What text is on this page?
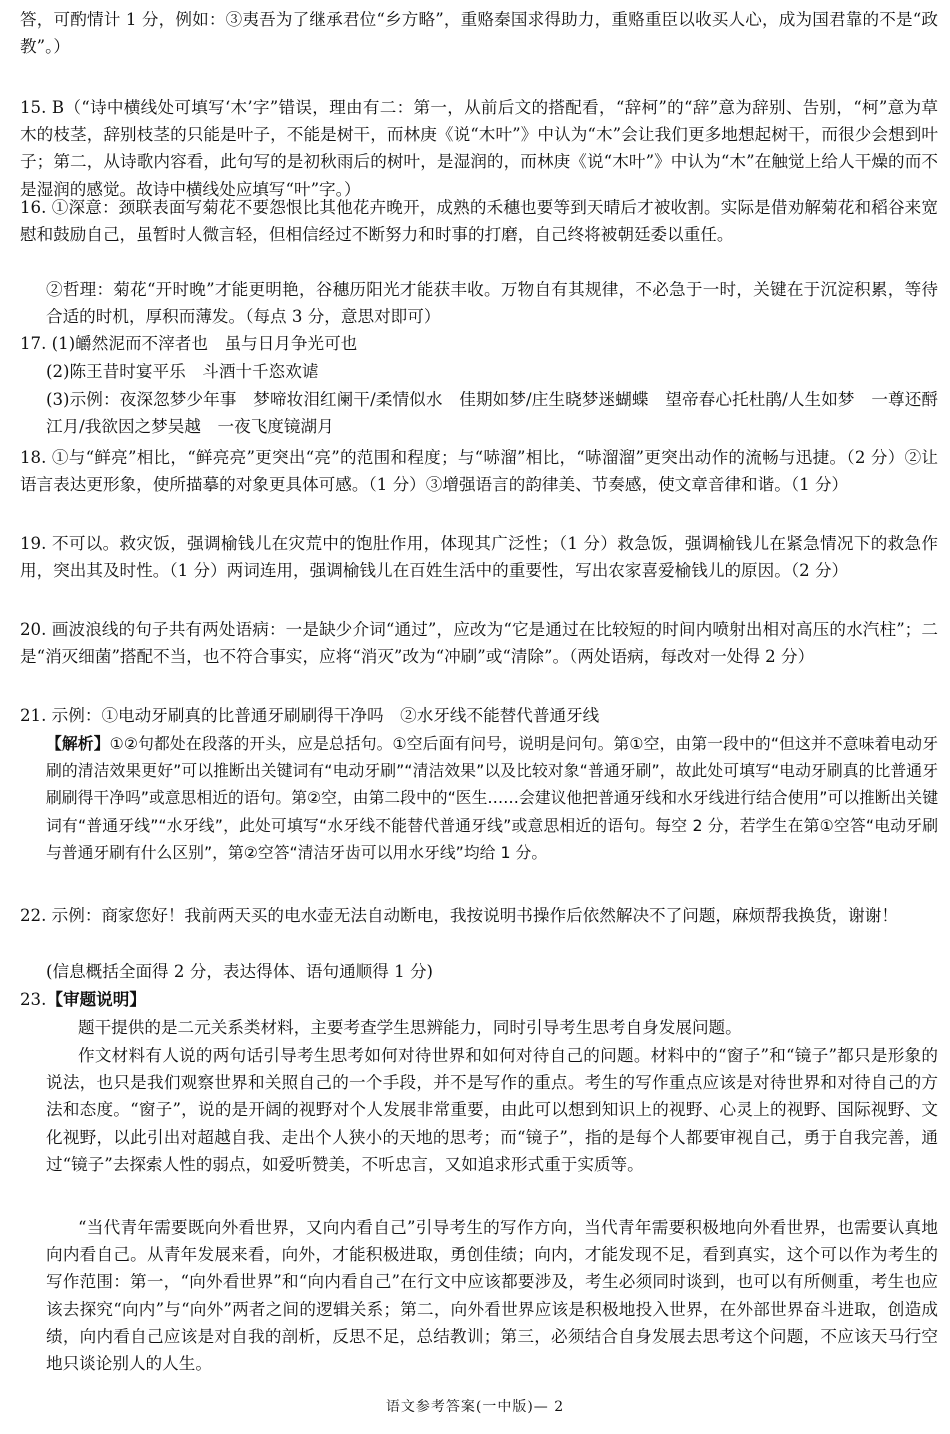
答，可酌情计 1 分，例如：③夷吾为了继承君位“乡方略”，重赂秦国求得助力，重赂重臣以收买人心，成为国君靠的不是“政教”。）

15. B（“诗中横线处可填写‘木’字”错误，理由有二：第一，从前后文的搭配看，“辞柯”的“辞”意为辞别、告别，“柯”意为草木的枝茎，辞别枝茎的只能是叶子，不能是树干，而林庚《说“木叶”》中认为“木”会让我们更多地想起树干，而很少会想到叶子；第二，从诗歌内容看，此句写的是初秋雨后的树叶，是湿润的，而林庚《说“木叶”》中认为“木”在触觉上给人干燥的而不是湿润的感觉。故诗中横线处应填写“叶”字。）

16. ①深意：颈联表面写菊花不要怨恨比其他花卉晚开，成熟的禾穗也要等到天晴后才被收割。实际是借劝解菊花和稻谷来宽慰和鼓励自己，虽暂时人微言轻，但相信经过不断努力和时事的打磨，自己终将被朝廷委以重任。

②哲理：菊花“开时晚”才能更明艳，谷穗历阳光才能获丰收。万物自有其规律，不必急于一时，关键在于沉淀积累，等待合适的时机，厚积而薄发。（每点 3 分，意思对即可）

17. (1)皭然泥而不滓者也　虽与日月争光可也

(2)陈王昔时宴平乐　斗酒十千恣欢谑

(3)示例：夜深忽梦少年事　梦啼妆泪红阑干/柔情似水　佳期如梦/庄生晓梦迷蝴蝶　望帝春心托杜鹃/人生如梦　一尊还酹江月/我欲因之梦吴越　一夜飞度镜湖月

18. ①与“鲜亮”相比，“鲜亮亮”更突出“亮”的范围和程度；与“哧溜”相比，“哧溜溜”更突出动作的流畅与迅捷。（2 分）②让语言表达更形象，使所描摹的对象更具体可感。（1 分）③增强语言的韵律美、节奏感，使文章音律和谐。（1 分）

19. 不可以。救灾饭，强调榆钱儿在灾荒中的饱肚作用，体现其广泛性；（1 分）救急饭，强调榆钱儿在紧急情况下的救急作用，突出其及时性。（1 分）两词连用，强调榆钱儿在百姓生活中的重要性，写出农家喜爱榆钱儿的原因。（2 分）

20. 画波浪线的句子共有两处语病：一是缺少介词“通过”，应改为“它是通过在比较短的时间内喷射出相对高压的水汽柱”；二是“消灭细菌”搭配不当，也不符合事实，应将“消灭”改为“冲刷”或“清除”。（两处语病，每改对一处得 2 分）

21. 示例：①电动牙刷真的比普通牙刷刷得干净吗　②水牙线不能替代普通牙线

【解析】①②句都处在段落的开头，应是总括句。①空后面有问号，说明是问句。第①空，由第一段中的“但这并不意味着电动牙刷的清洁效果更好”可以推断出关键词有“电动牙刷”“清洁效果”以及比较对象“普通牙刷”，故此处可填写“电动牙刷真的比普通牙刷刷得干净吗”或意思相近的语句。第②空，由第二段中的“医生……会建议他把普通牙线和水牙线进行结合使用”可以推断出关键词有“普通牙线”“水牙线”，此处可填写“水牙线不能替代普通牙线”或意思相近的语句。每空 2 分，若学生在第①空答“电动牙刷与普通牙刷有什么区别”，第②空答“清洁牙齿可以用水牙线”均给 1 分。

22. 示例：商家您好！我前两天买的电水壶无法自动断电，我按说明书操作后依然解决不了问题，麻烦帮我换货，谢谢！

(信息概括全面得 2 分，表达得体、语句通顺得 1 分)

23.【审题说明】

题干提供的是二元关系类材料，主要考查学生思辨能力，同时引导考生思考自身发展问题。

作文材料有人说的两句话引导考生思考如何对待世界和如何对待自己的问题。材料中的“窗子”和“镜子”都只是形象的说法，也只是我们观察世界和关照自己的一个手段，并不是写作的重点。考生的写作重点应该是对待世界和对待自己的方法和态度。“窗子”，说的是开阔的视野对个人发展非常重要，由此可以想到知识上的视野、心灵上的视野、国际视野、文化视野，以此引出对超越自我、走出个人狭小的天地的思考；而“镜子”，指的是每个人都要审视自己，勇于自我完善，通过“镜子”去探索人性的弱点，如爱听赞美，不听忠言，又如追求形式重于实质等。

“当代青年需要既向外看世界，又向内看自己”引导考生的写作方向，当代青年需要积极地向外看世界，也需要认真地向内看自己。从青年发展来看，向外，才能积极进取，勇创佳绩；向内，才能发现不足，看到真实，这个可以作为考生的写作范围：第一，“向外看世界”和“向内看自己”在行文中应该都要涉及，考生必须同时谈到，也可以有所侧重，考生也应该去探究“向内”与“向外”两者之间的逻辑关系；第二，向外看世界应该是积极地投入世界，在外部世界奋斗进取，创造成绩，向内看自己应该是对自我的剖析，反思不足，总结教训；第三，必须结合自身发展去思考这个问题，不应该天马行空地只谈论别人的人生。

语文参考答案(一中版)— 2
